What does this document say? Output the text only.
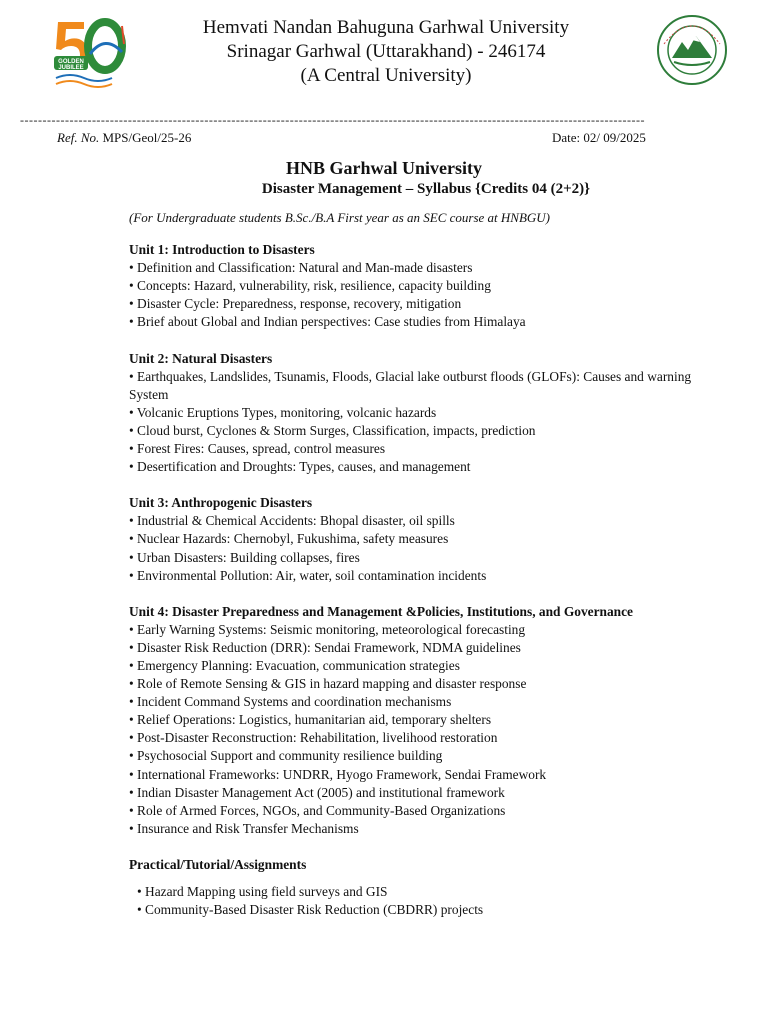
GOLDEN
JUBILEE
Hemvati Nandan Bahuguna Garhwal University
Srinagar Garhwal (Uttarakhand) - 246174
(A Central University)
-------------------------------------------------------------------------------------------------------------------------------------------
Ref. No. MPS/Geol/25-26	Date: 02/ 09/2025
HNB Garhwal University
Disaster Management – Syllabus {Credits 04 (2+2)}
(For Undergraduate students B.Sc./B.A First year as an SEC course at HNBGU)
Unit 1: Introduction to Disasters
• Definition and Classification: Natural and Man-made disasters
• Concepts: Hazard, vulnerability, risk, resilience, capacity building
• Disaster Cycle: Preparedness, response, recovery, mitigation
• Brief about Global and Indian perspectives: Case studies from Himalaya
Unit 2: Natural Disasters
• Earthquakes, Landslides, Tsunamis, Floods, Glacial lake outburst floods (GLOFs): Causes and warning System
• Volcanic Eruptions Types, monitoring, volcanic hazards
• Cloud burst, Cyclones & Storm Surges, Classification, impacts, prediction
• Forest Fires: Causes, spread, control measures
• Desertification and Droughts: Types, causes, and management
Unit 3: Anthropogenic Disasters
• Industrial & Chemical Accidents: Bhopal disaster, oil spills
• Nuclear Hazards: Chernobyl, Fukushima, safety measures
• Urban Disasters: Building collapses, fires
• Environmental Pollution: Air, water, soil contamination incidents
Unit 4: Disaster Preparedness and Management &Policies, Institutions, and Governance
• Early Warning Systems: Seismic monitoring, meteorological forecasting
• Disaster Risk Reduction (DRR): Sendai Framework, NDMA guidelines
• Emergency Planning: Evacuation, communication strategies
• Role of Remote Sensing & GIS in hazard mapping and disaster response
• Incident Command Systems and coordination mechanisms
• Relief Operations: Logistics, humanitarian aid, temporary shelters
• Post-Disaster Reconstruction: Rehabilitation, livelihood restoration
• Psychosocial Support and community resilience building
• International Frameworks: UNDRR, Hyogo Framework, Sendai Framework
• Indian Disaster Management Act (2005) and institutional framework
• Role of Armed Forces, NGOs, and Community-Based Organizations
• Insurance and Risk Transfer Mechanisms
Practical/Tutorial/Assignments
• Hazard Mapping using field surveys and GIS
• Community-Based Disaster Risk Reduction (CBDRR) projects
